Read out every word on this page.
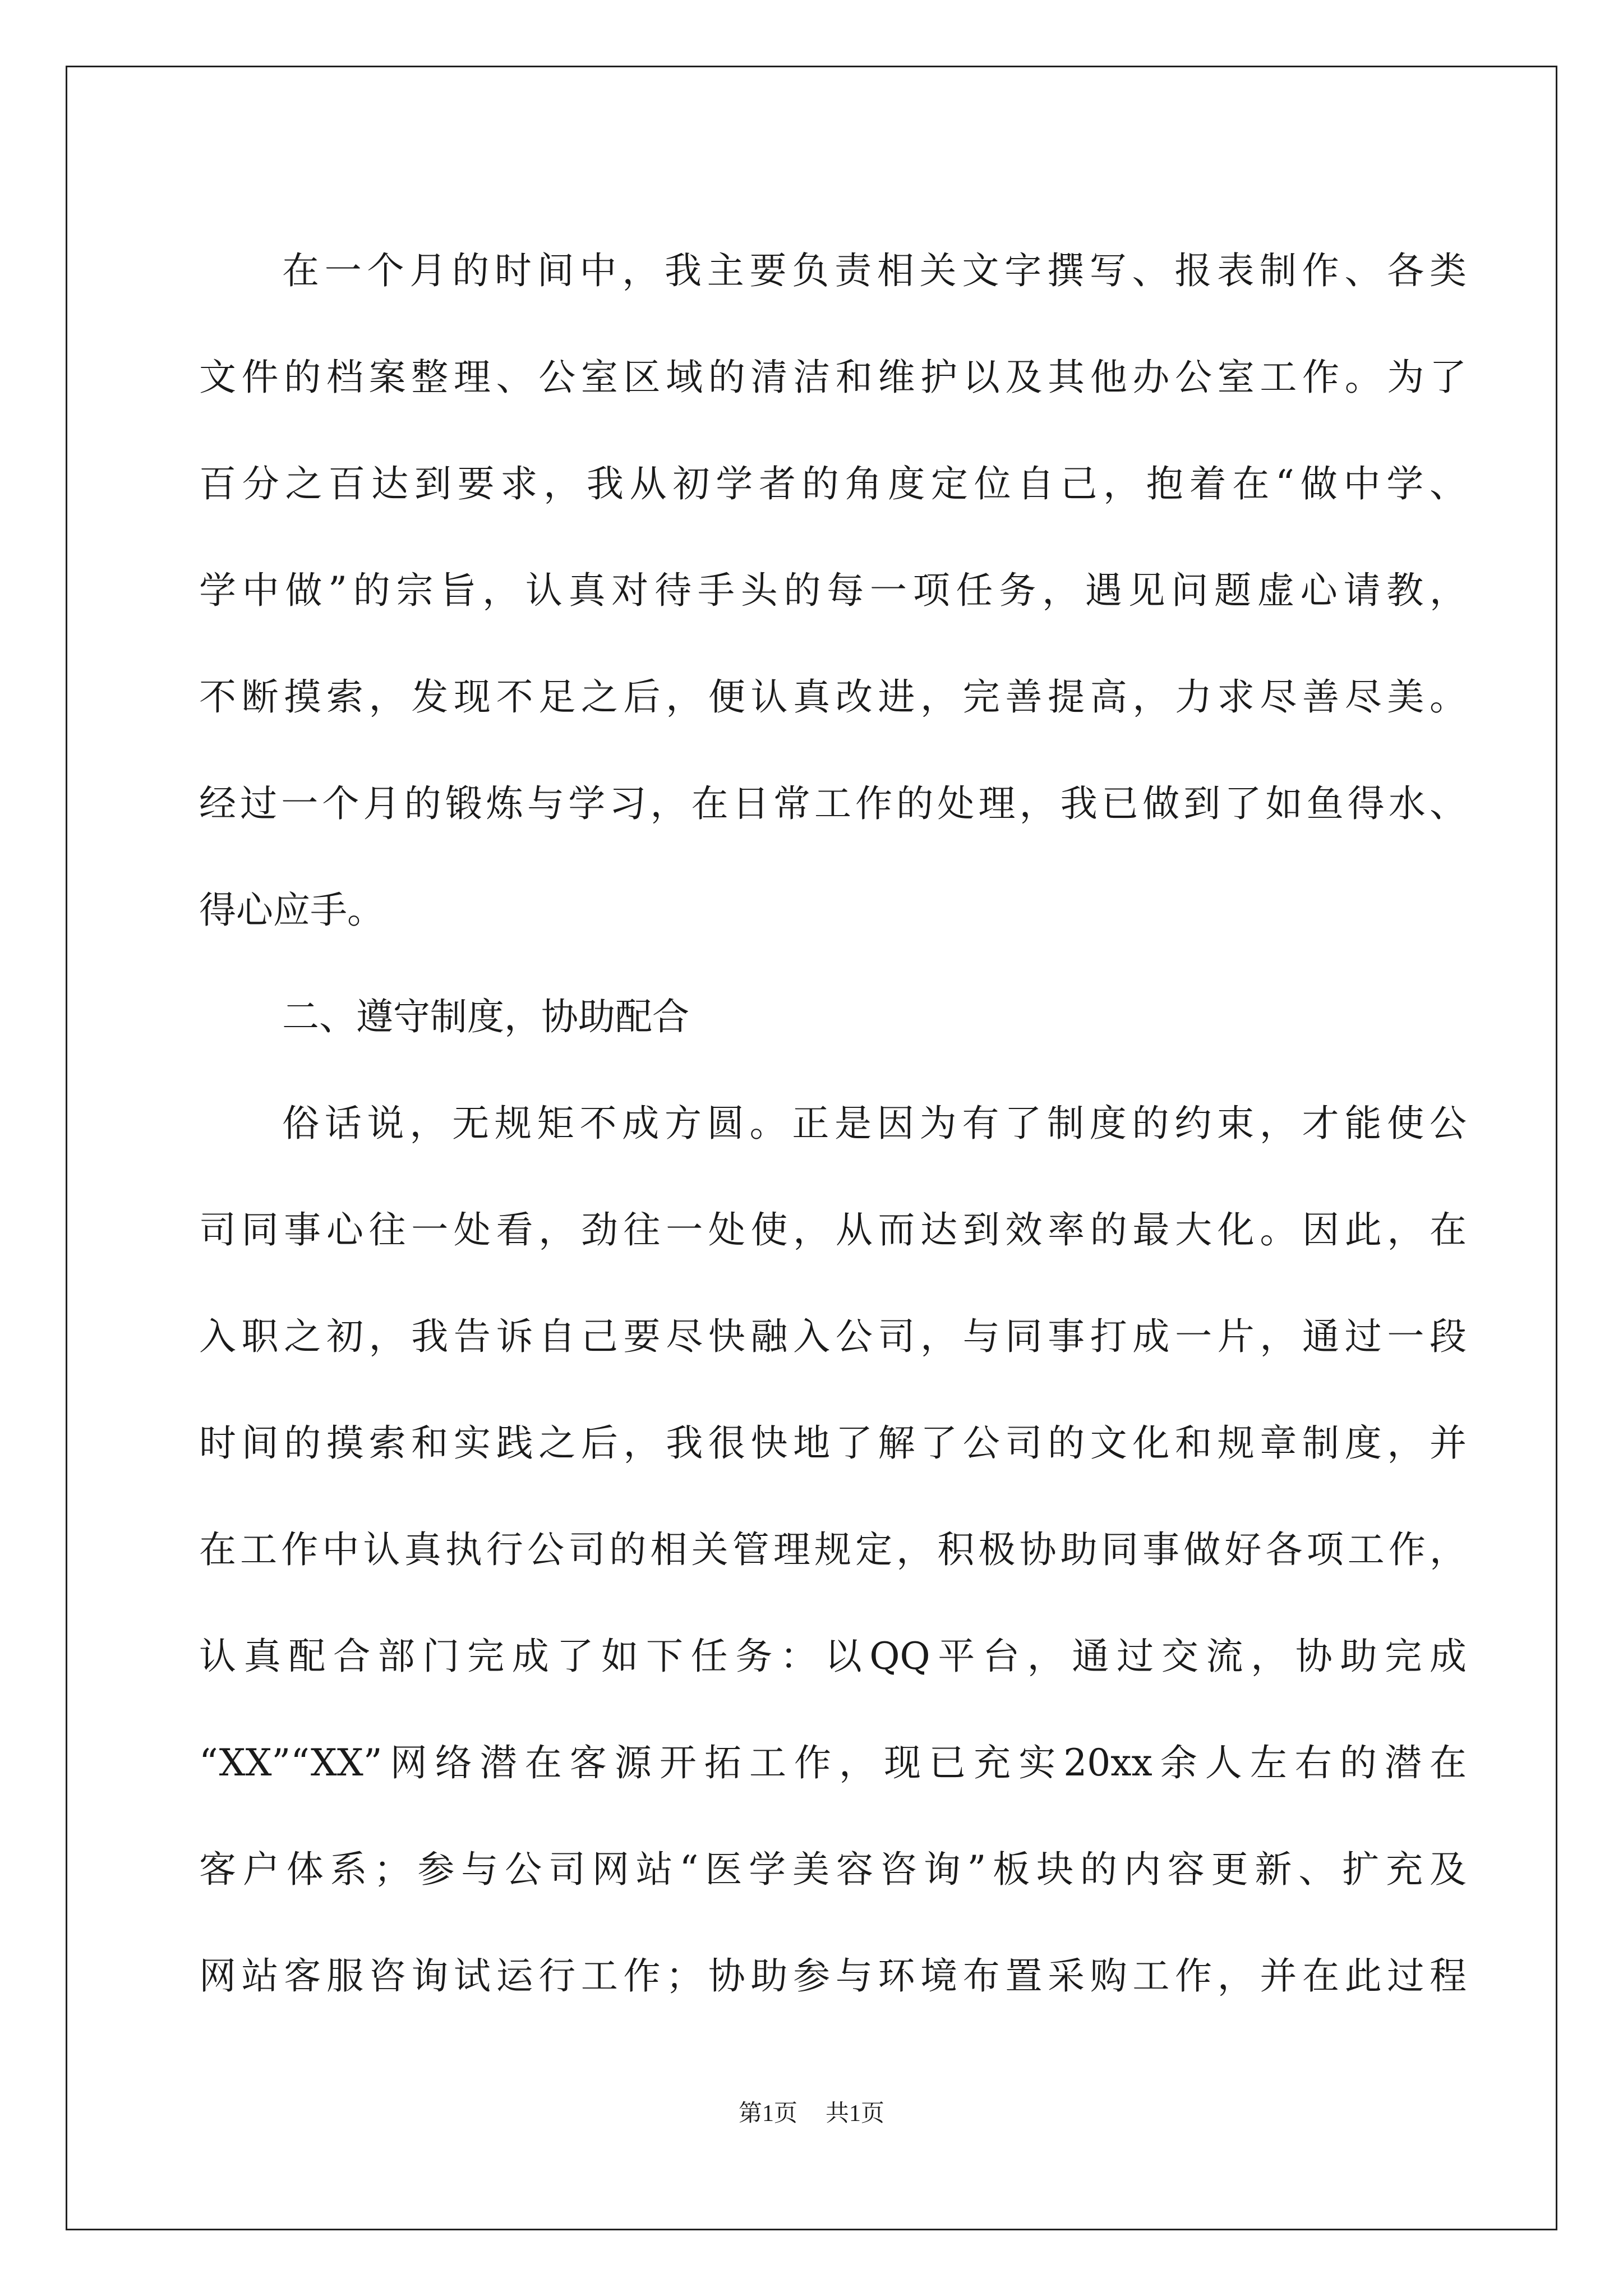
在一个月的时间中，我主要负责相关文字撰写、报表制作、各类
文件的档案整理、公室区域的清洁和维护以及其他办公室工作。为了
百分之百达到要求，我从初学者的角度定位自己，抱着在“做中学、
学中做”的宗旨，认真对待手头的每一项任务，遇见问题虚心请教，
不断摸索，发现不足之后，便认真改进，完善提高，力求尽善尽美。
经过一个月的锻炼与学习，在日常工作的处理，我已做到了如鱼得水、
得心应手。
二、遵守制度，协助配合
俗话说，无规矩不成方圆。正是因为有了制度的约束，才能使公
司同事心往一处看，劲往一处使，从而达到效率的最大化。因此，在
入职之初，我告诉自己要尽快融入公司，与同事打成一片，通过一段
时间的摸索和实践之后，我很快地了解了公司的文化和规章制度，并
在工作中认真执行公司的相关管理规定，积极协助同事做好各项工作，
认真配合部门完成了如下任务：以QQ平台，通过交流，协助完成
“XX”“XX”网络潜在客源开拓工作，现已充实20xx余人左右的潜在
客户体系；参与公司网站“医学美容咨询”板块的内容更新、扩充及
网站客服咨询试运行工作；协助参与环境布置采购工作，并在此过程
第1页 共1页
